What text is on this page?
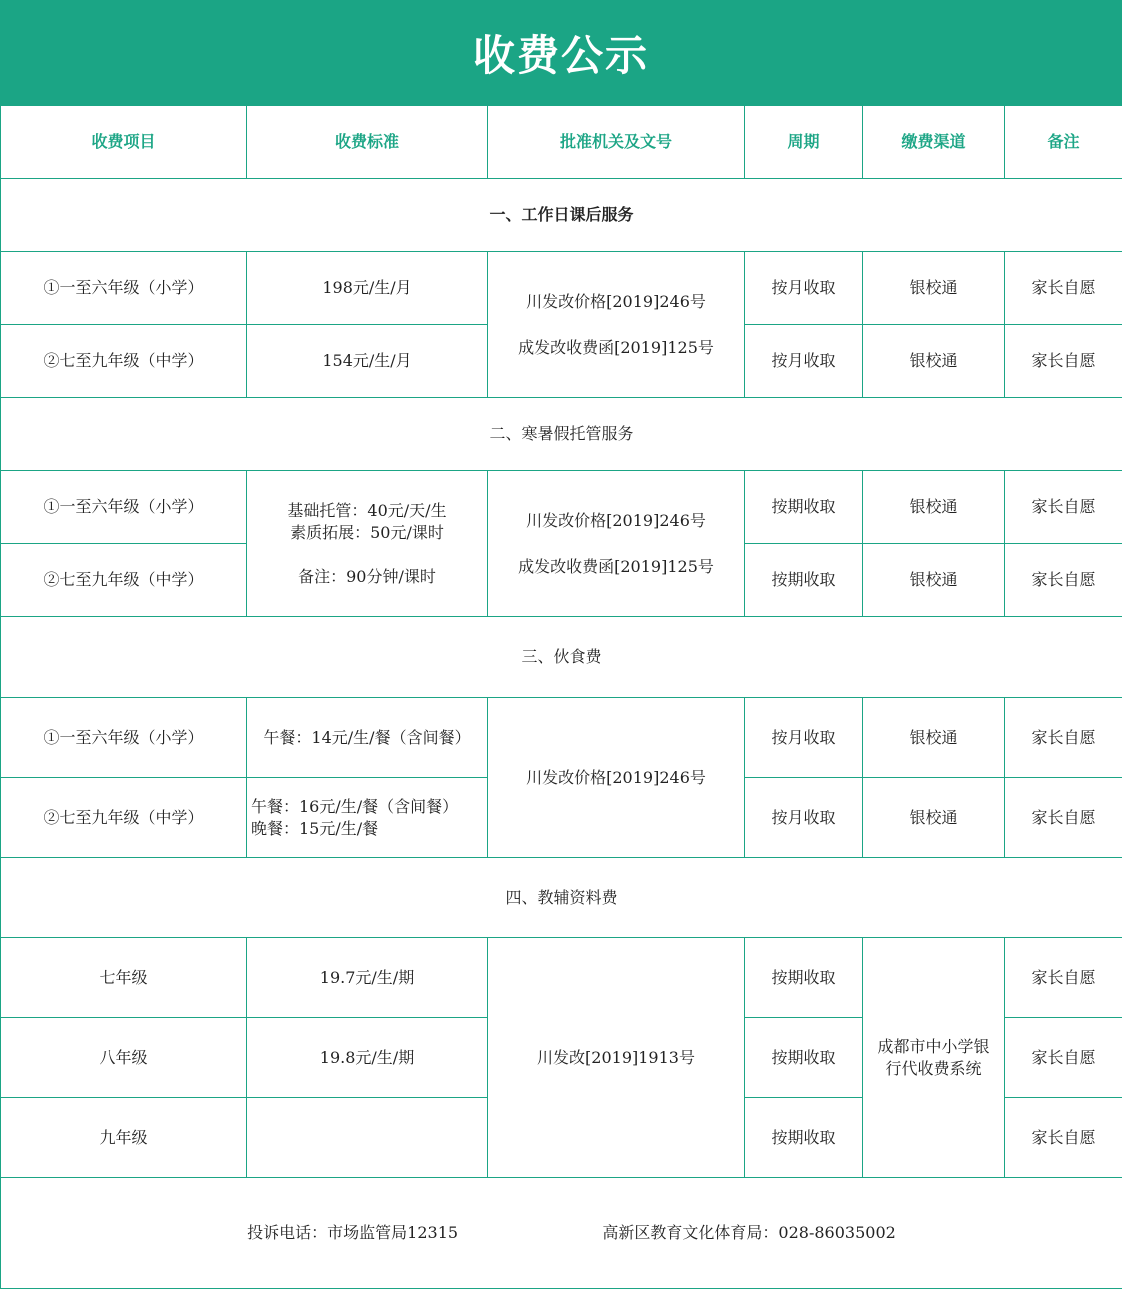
收费公示
收费项目	收费标准	批准机关及文号	周期	缴费渠道	备注
一、工作日课后服务					
①一至六年级（小学）	198元/生/月	川发改价格[2019]246号
成发改收费函[2019]125号	按月收取	银校通	家长自愿
②七至九年级（中学）	154元/生/月		按月收取	银校通	家长自愿
二、寒暑假托管服务					
①一至六年级（小学）	基础托管：40元/天/生
素质拓展：50元/课时
备注：90分钟/课时	川发改价格[2019]246号
成发改收费函[2019]125号	按期收取	银校通	家长自愿
②七至九年级（中学）			按期收取	银校通	家长自愿
三、伙食费					
①一至六年级（小学）	午餐：14元/生/餐（含间餐）	川发改价格[2019]246号	按月收取	银校通	家长自愿
②七至九年级（中学）	午餐：16元/生/餐（含间餐）
晚餐：15元/生/餐		按月收取	银校通	家长自愿
四、教辅资料费					
七年级	19.7元/生/期	川发改[2019]1913号	按期收取	成都市中小学银
行代收费系统	家长自愿
八年级	19.8元/生/期		按期收取		家长自愿
九年级			按期收取		家长自愿

投诉电话：市场监管局12315 高新区教育文化体育局：028-86035002					
